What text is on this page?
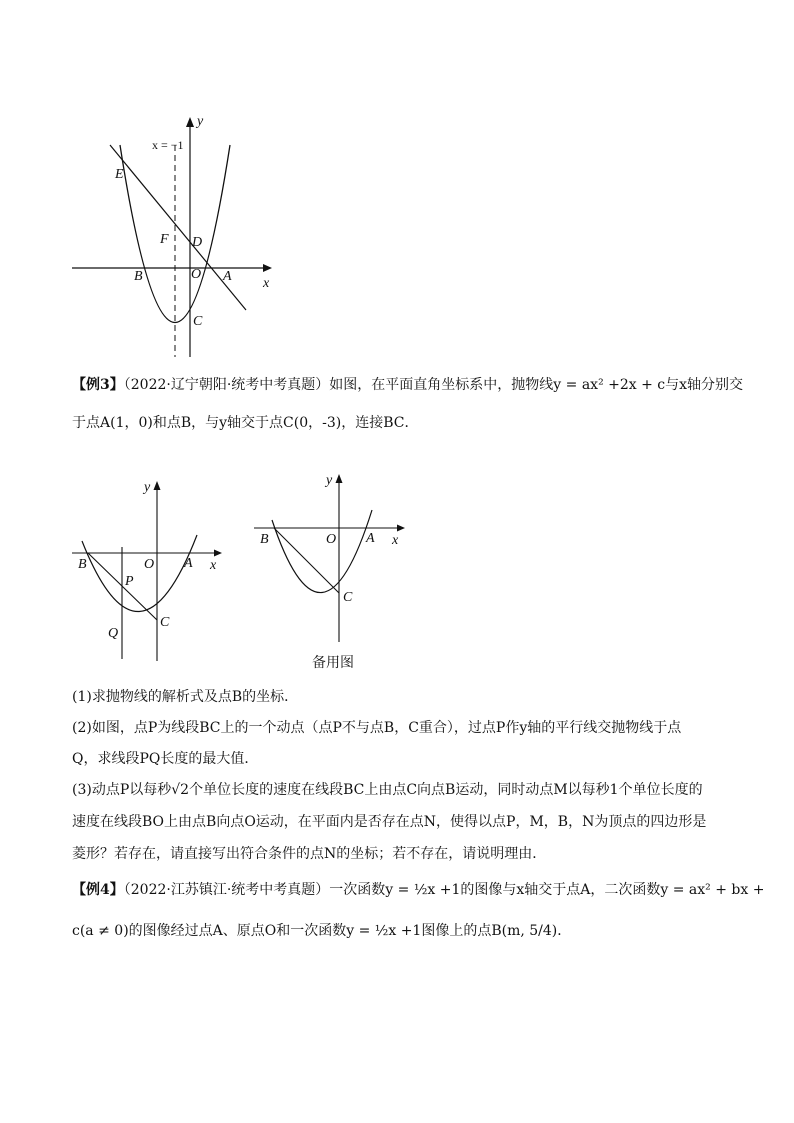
y
x = −1
E
F D
B	O A x
C
【例3】（2022·辽宁朝阳·统考中考真题）如图，在平面直角坐标系中，抛物线y = ax² +2x + c与x轴分别交
于点A(1，0)和点B，与y轴交于点C(0，-3)，连接BC．
y
B	O A x
P
Q
C
y
B	O A x
C
备用图
(1)求抛物线的解析式及点B的坐标．
(2)如图，点P为线段BC上的一个动点（点P不与点B，C重合），过点P作y轴的平行线交抛物线于点
Q，求线段PQ长度的最大值．
(3)动点P以每秒√2个单位长度的速度在线段BC上由点C向点B运动，同时动点M以每秒1个单位长度的
速度在线段BO上由点B向点O运动，在平面内是否存在点N，使得以点P，M，B，N为顶点的四边形是
菱形？若存在，请直接写出符合条件的点N的坐标；若不存在，请说明理由．
【例4】（2022·江苏镇江·统考中考真题）一次函数y = ½x +1的图像与x轴交于点A，二次函数y = ax² + bx +
c(a ≠ 0)的图像经过点A、原点O和一次函数y = ½x +1图像上的点B(m, 5/4)．
